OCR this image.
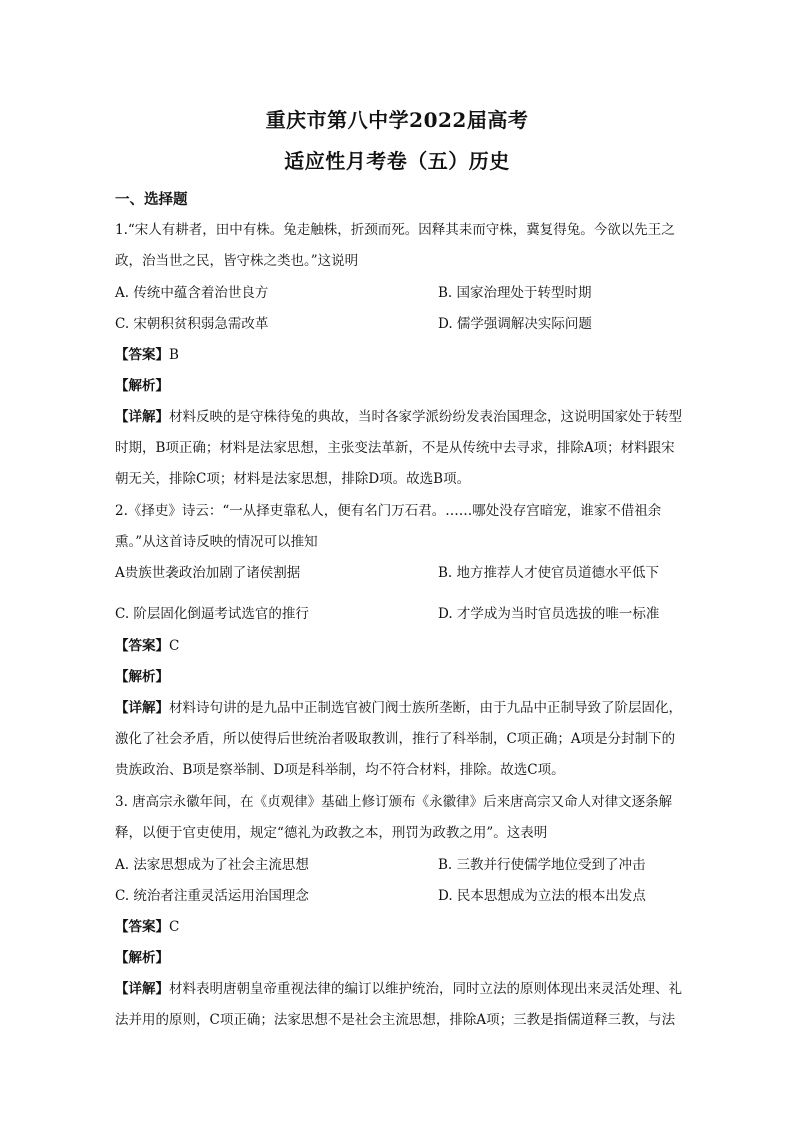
重庆市第八中学2022届高考
适应性月考卷（五）历史
一、选择题
1.“宋人有耕者，田中有株。兔走触株，折颈而死。因释其耒而守株，冀复得兔。今欲以先王之
政，治当世之民，皆守株之类也。”这说明
A. 传统中蕴含着治世良方	B. 国家治理处于转型时期
C. 宋朝积贫积弱急需改革	D. 儒学强调解决实际问题
【答案】B
【解析】
【详解】材料反映的是守株待兔的典故，当时各家学派纷纷发表治国理念，这说明国家处于转型
时期，B项正确；材料是法家思想，主张变法革新，不是从传统中去寻求，排除A项；材料跟宋
朝无关，排除C项；材料是法家思想，排除D项。故选B项。
2.《择吏》诗云：“一从择吏靠私人，便有名门万石君。……哪处没存宫暗宠，谁家不借祖余
熏。”从这首诗反映的情况可以推知
A贵族世袭政治加剧了诸侯割据	B. 地方推荐人才使官员道德水平低下
C. 阶层固化倒逼考试选官的推行	D. 才学成为当时官员选拔的唯一标准
【答案】C
【解析】
【详解】材料诗句讲的是九品中正制选官被门阀士族所垄断，由于九品中正制导致了阶层固化，
激化了社会矛盾，所以使得后世统治者吸取教训，推行了科举制，C项正确；A项是分封制下的
贵族政治、B项是察举制、D项是科举制，均不符合材料，排除。故选C项。
3. 唐高宗永徽年间，在《贞观律》基础上修订颁布《永徽律》后来唐高宗又命人对律文逐条解
释，以便于官吏使用，规定“德礼为政教之本，刑罚为政教之用”。这表明
A. 法家思想成为了社会主流思想	B. 三教并行使儒学地位受到了冲击
C. 统治者注重灵活运用治国理念	D. 民本思想成为立法的根本出发点
【答案】C
【解析】
【详解】材料表明唐朝皇帝重视法律的编订以维护统治，同时立法的原则体现出来灵活处理、礼
法并用的原则，C项正确；法家思想不是社会主流思想，排除A项；三教是指儒道释三教，与法
